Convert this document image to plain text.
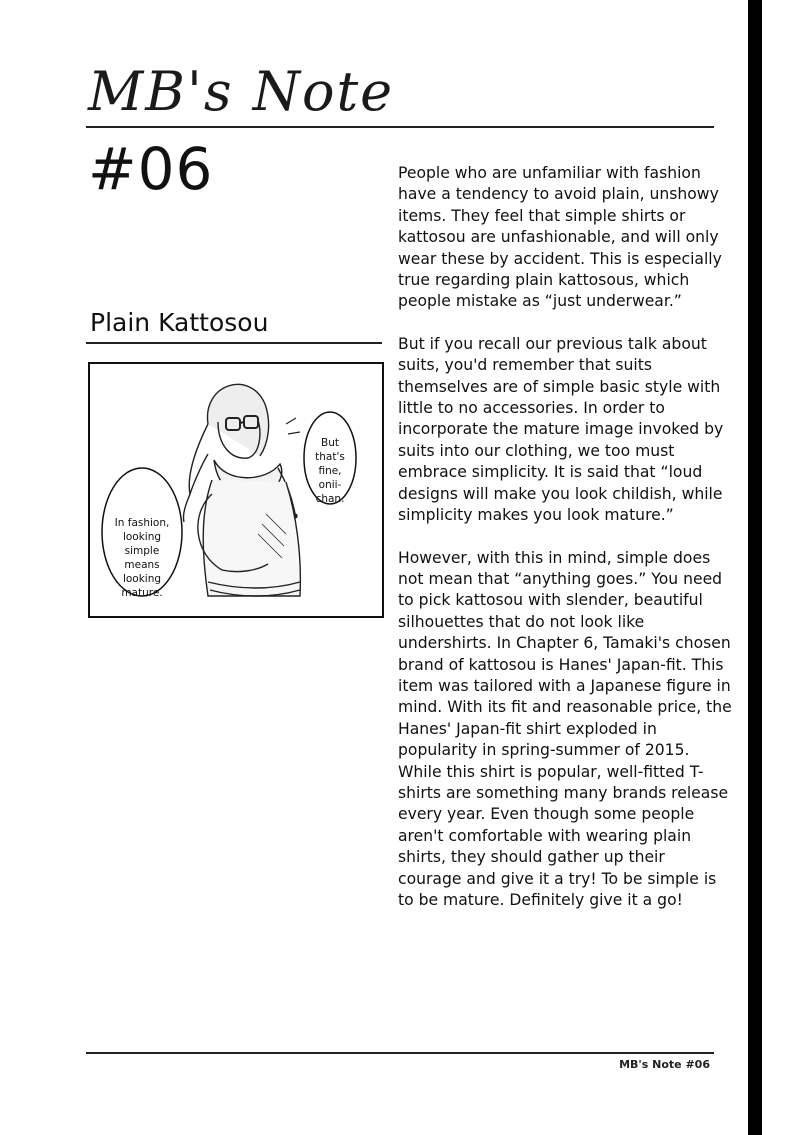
MB's Note
#06
Plain Kattosou
But
that's
fine,
onii-
chan.
In fashion,
looking
simple
means
looking
mature.

People who are unfamiliar with fashion have a tendency to avoid plain, unshowy items. They feel that simple shirts or kattosou are unfashionable, and will only wear these by accident. This is especially true regarding plain kattosous, which people mistake as “just underwear.”

But if you recall our previous talk about suits, you'd remember that suits themselves are of simple basic style with little to no accessories. In order to incorporate the mature image invoked by suits into our clothing, we too must embrace simplicity. It is said that “loud designs will make you look childish, while simplicity makes you look mature.”

However, with this in mind, simple does not mean that “anything goes.” You need to pick kattosou with slender, beautiful silhouettes that do not look like undershirts. In Chapter 6, Tamaki's chosen brand of kattosou is Hanes' Japan-fit. This item was tailored with a Japanese figure in mind. With its fit and reasonable price, the Hanes' Japan-fit shirt exploded in popularity in spring-summer of 2015. While this shirt is popular, well-fitted T-shirts are something many brands release every year. Even though some people aren't comfortable with wearing plain shirts, they should gather up their courage and give it a try! To be simple is to be mature. Definitely give it a go!

MB's Note #06
